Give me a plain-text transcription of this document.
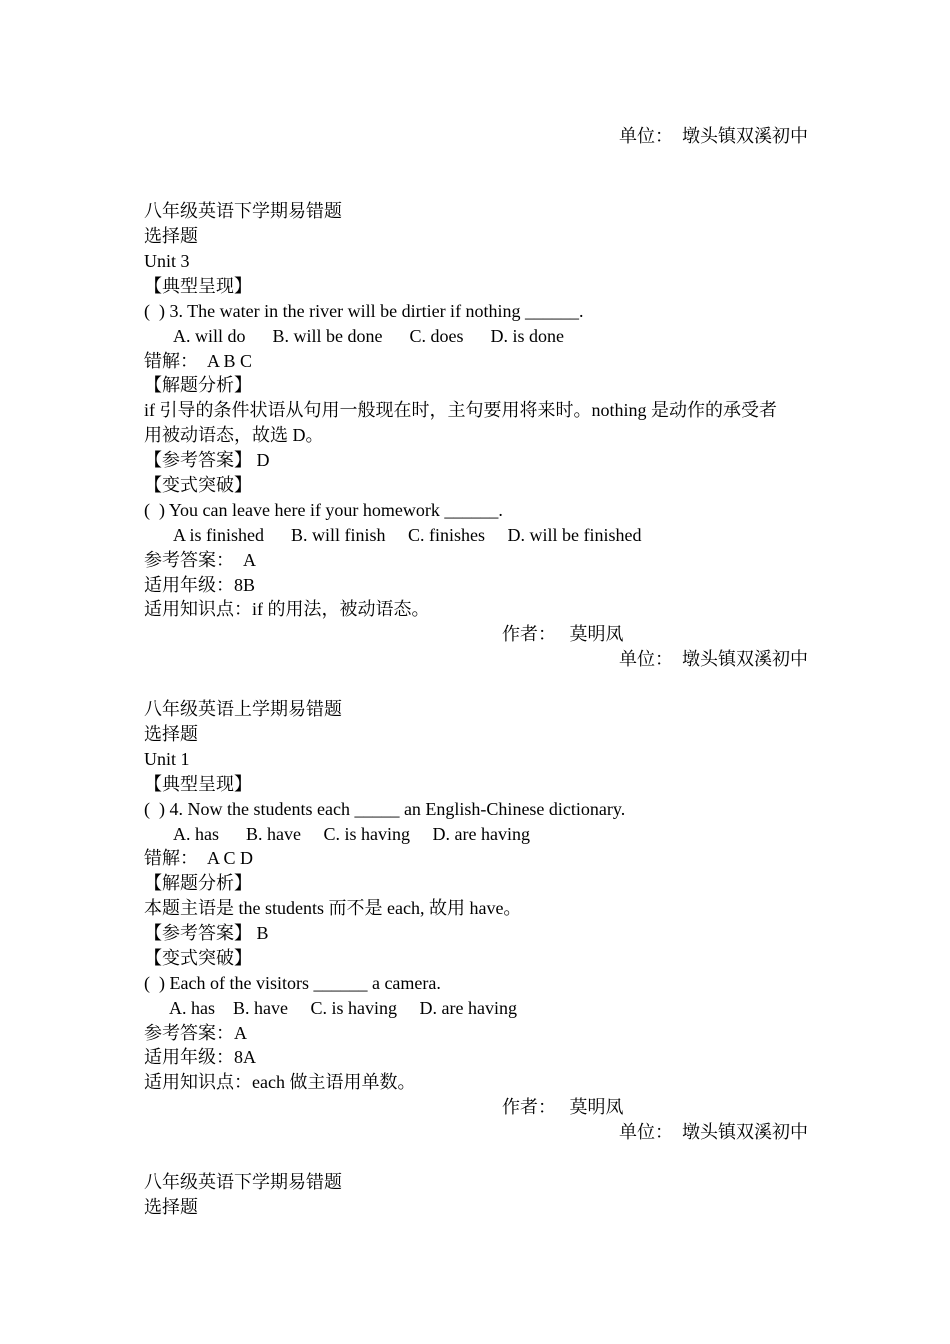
单位：  墩头镇双溪初中
八年级英语下学期易错题
选择题
Unit 3
【典型呈现】
(  ) 3. The water in the river will be dirtier if nothing ______.
A. will do      B. will be done      C. does      D. is done
错解：  A B C
【解题分析】
if 引导的条件状语从句用一般现在时，主句要用将来时。nothing 是动作的承受者
用被动语态，故选 D。
【参考答案】 D
【变式突破】
(  ) You can leave here if your homework ______.
A is finished      B. will finish     C. finishes     D. will be finished
参考答案：  A
适用年级：8B
适用知识点：if 的用法，被动语态。
作者：   莫明凤
单位：  墩头镇双溪初中
八年级英语上学期易错题
选择题
Unit 1
【典型呈现】
(  ) 4. Now the students each _____ an English-Chinese dictionary.
A. has      B. have     C. is having     D. are having
错解：  A C D
【解题分析】
本题主语是 the students 而不是 each, 故用 have。
【参考答案】 B
【变式突破】
(  ) Each of the visitors ______ a camera.
A. has    B. have     C. is having     D. are having
参考答案：A
适用年级：8A
适用知识点：each 做主语用单数。
作者：   莫明凤
单位：  墩头镇双溪初中
八年级英语下学期易错题
选择题
